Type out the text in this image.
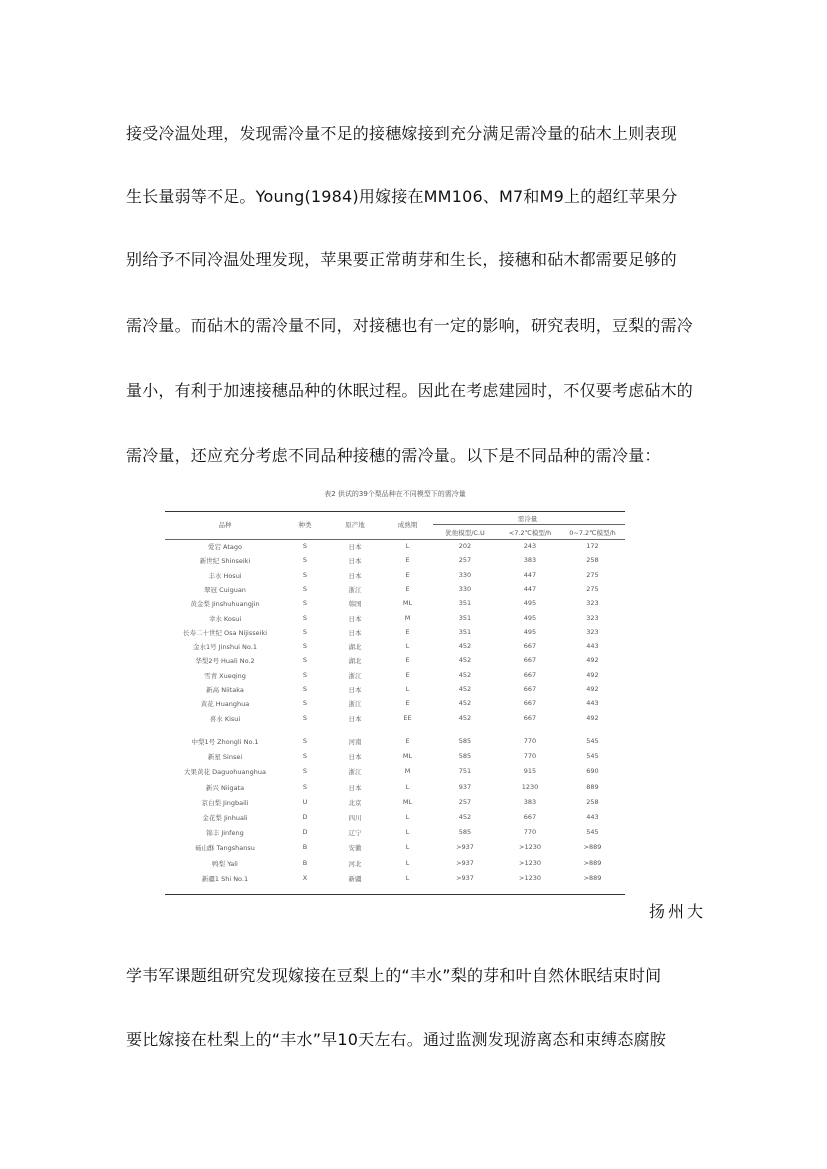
接受冷温处理，发现需冷量不足的接穗嫁接到充分满足需冷量的砧木上则表现
生长量弱等不足。Young(1984)用嫁接在MM106、M7和M9上的超红苹果分
别给予不同冷温处理发现，苹果要正常萌芽和生长，接穗和砧木都需要足够的
需冷量。而砧木的需冷量不同，对接穗也有一定的影响，研究表明，豆梨的需冷
量小，有利于加速接穗品种的休眠过程。因此在考虑建园时，不仅要考虑砧木的
需冷量，还应充分考虑不同品种接穗的需冷量。以下是不同品种的需冷量：
表2 供试的39个梨品种在不同模型下的需冷量
品种	种类	原产地	成熟期
需冷量
犹他模型/C.U	<7.2℃模型/h	0~7.2℃模型/h
爱宕 Atago	S	日本	L	202	243	172
新世纪 Shinseiki	S	日本	E	257	383	258
丰水 Hosui	S	日本	E	330	447	275
翠冠 Cuiguan	S	浙江	E	330	447	275
黄金梨 Jinshuhuangjin	S	韩国	ML	351	495	323
幸水 Kosui	S	日本	M	351	495	323
长寿二十世纪 Osa Nijisseiki	S	日本	E	351	495	323
金水1号 Jinshui No.1	S	湖北	L	452	667	443
华梨2号 Huali No.2	S	湖北	E	452	667	492
雪青 Xueqing	S	浙江	E	452	667	492
新高 Niitaka	S	日本	L	452	667	492
黄花 Huanghua	S	浙江	E	452	667	443
喜水 Kisui	S	日本	EE	452	667	492
中梨1号 Zhongli No.1	S	河南	E	585	770	545
新星 Sinsei	S	日本	ML	585	770	545
大果黄花 Daguohuanghua	S	浙江	M	751	915	690
新兴 Niigata	S	日本	L	937	1230	889
京白梨 Jingbaili	U	北京	ML	257	383	258
金花梨 Jinhuali	D	四川	L	452	667	443
锦丰 Jinfeng	D	辽宁	L	585	770	545
砀山酥 Tangshansu	B	安徽	L	>937	>1230	>889
鸭梨 Yali	B	河北	L	>937	>1230	>889
新疆1 Shi No.1	X	新疆	L	>937	>1230	>889
扬州大
学韦军课题组研究发现嫁接在豆梨上的“丰水”梨的芽和叶自然休眠结束时间
要比嫁接在杜梨上的“丰水”早10天左右。通过监测发现游离态和束缚态腐胺
